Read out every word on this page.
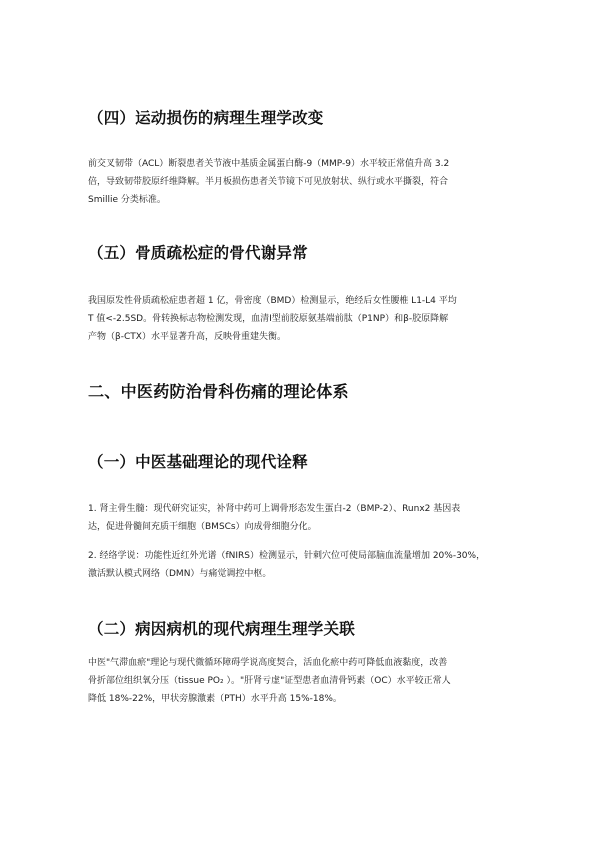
（四）运动损伤的病理生理学改变
前交叉韧带（ACL）断裂患者关节液中基质金属蛋白酶-9（MMP-9）水平较正常值升高 3.2
倍，导致韧带胶原纤维降解。半月板损伤患者关节镜下可见放射状、纵行或水平撕裂，符合
Smillie 分类标准。
（五）骨质疏松症的骨代谢异常
我国原发性骨质疏松症患者超 1 亿，骨密度（BMD）检测显示，绝经后女性腰椎 L1-L4 平均
T 值<-2.5SD。骨转换标志物检测发现，血清Ⅰ型前胶原氨基端前肽（P1NP）和β-胶原降解
产物（β-CTX）水平显著升高，反映骨重建失衡。
二、中医药防治骨科伤痛的理论体系
（一）中医基础理论的现代诠释
1. 肾主骨生髓：现代研究证实，补肾中药可上调骨形态发生蛋白-2（BMP-2）、Runx2 基因表
达，促进骨髓间充质干细胞（BMSCs）向成骨细胞分化。
2. 经络学说：功能性近红外光谱（fNIRS）检测显示，针刺穴位可使局部脑血流量增加 20%-30%，
激活默认模式网络（DMN）与痛觉调控中枢。
（二）病因病机的现代病理生理学关联
中医"气滞血瘀"理论与现代微循环障碍学说高度契合，活血化瘀中药可降低血液黏度，改善
骨折部位组织氧分压（tissue PO₂ ）。"肝肾亏虚"证型患者血清骨钙素（OC）水平较正常人
降低 18%-22%，甲状旁腺激素（PTH）水平升高 15%-18%。
